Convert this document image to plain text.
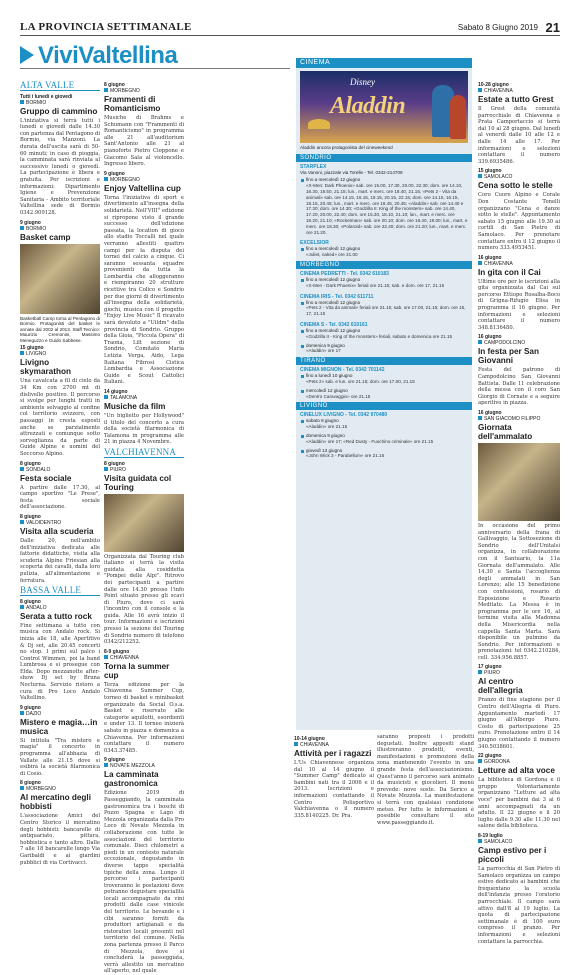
LA PROVINCIA SETTIMANALE	Sabato 8 Giugno 2019 21
ViviValtellina
ALTA VALLE
Tutti i lunedì e giovedì
BORMIO
Gruppo di cammino
L'iniziativa si terrà tutti i lunedì e giovedì dalle 14.30 con partenza dal Pentagono di Bormio, via Manzoni. La durata dell'uscita sarà di 50-60 minuti; in caso di pioggia, la camminata sarà rinviata al successivo lunedì o giovedì. La partecipazione è libera e gratuita. Per iscrizioni e informazioni: Dipartimento Igiene e Prevenzione Sanitaria - Ambito territoriale Valtellina sede di Bormio 0342.909128.
9 giugno
BORMIO
Basket camp
Basketball Camp torna al Pentagono di Bormio. Protagonisti del basket le annate dal 2002 al 2013. Staff Tecnico: Maurizio Cremonini, Massimo Meneguzzo e Guido Sabbese.
15 giugno
LIVIGNO
Livigno skymarathon
Una cavalcata a fil di cielo da 34 Km con 2700 mt di dislivello positivo. Il percorso si svolge per lunghi tratti in ambiente selvaggio al confine col territorio svizzero, con passaggi in cresta esposti anche se parzialmente attrezzati e comunque sotto sorveglianza da parte di Guide Alpine e uomini del Soccorso Alpino.
8 giugno
SONDALO
Festa sociale
A partire dalle 17.30, al campo sportivo "Le Prese", festa sociale dell'associazione.
8 giugno
VALDIDENTRO
Visita alla scuderia
Dalle 20, nell'ambito dell'iniziativa dedicata alle fattorie didattiche, visita alla scuderia Alpine Friesian alla scoperta dei cavalli, dalla loro pulizia, all'alimentazione e ferratura.
BASSA VALLE
8 giugno
ANDALO
Serata a tutto rock
Fine settimana a tutto con musica con Andalo rock. Si inizia alle 18, alle Apertitivo & Dj set, alle 20.45 concerti no stop. I primi sul palco i Control Wimmen, poi la band Lumbrosa e si prosegue con Elda. Dopo mezzanotte after-show Dj set by Bruna Nocturna. Servizio ristoro a cura di Pro Loco Andalo Valtellino.
9 giugno
DAZIO
Mistero e magia…in musica
Si intitola "Tra mistero e magia" il concerto in programma all'abbazia di Vallate alle 21.15 dove si esibirà la società filarmonica di Cosio.
8 giugno
MORBEGNO
Al mercatino degli hobbisti
L'associazione Amici del Centro Storico il mercatino degli hobbisti: bancarelle di antiquariato, pittura, hobbistica e tanto altro. Dalle 7 alle 18 bancarelle lungo Via Garibaldi e ai giardini pubblici di via Cortivacci.
8 giugno
MORBEGNO
Frammenti di Romanticismo
Musiche di Brahms e Schumann con "Frammenti di Romanticismo" in programma alle 21 all'auditorium Sant'Antonio alle 21 al pianoforte Pietro Cioppone e Giacomo Sala al violoncello. Ingresso libero.
9 giugno
MORBEGNO
Enjoy Valtellina cup
Torna l'iniziativa di sport e divertimento all'insegna della solidarietà. Nell'VIII° edizione si ripropone visto il grande successo dell'edizione passata, la location di gioco allo stadio Toccalli nel quale verranno allestiti quattro campi per la disputa dei tornei del calcio a cinque. Ci saranno sessanta squadre provenienti da tutta la Lombardia che alloggeranno e riempiranno 20 strutture ricettive tra Colico e Sondrio per due giorni di divertimento all'insegna della solidarietà, giochi, musica con il progetto "Enjoy Live Music" Il ricavato sarà devoluto a "Uildm" della provincia di Sondrio. Gruppo della Gioia, "Piccola Opera" di Traona, Lilt sezione di Sondrio, Comitato Maria Letizia Verga, Aido, Lega Italiana Fibrosi Cistica Lombardia e Associazione Guide e Scout Cattolici Italiani.
14 giugno
TALAMONA
Musiche da film
"Un biglietto per Hollywood" il titolo del concerto a cura della società filarmonica di Talamona in programma alle 21 in piazza 4 Novembre.
VALCHIAVENNA
8 giugno
PIURO
Visita guidata col Touring
Organizzata dal Touring club italiano si terrà la visita guidata alla cosiddetta "Pompei delle Alpi". Ritrovo dei partecipanti a partire dalle ore 14.30 presso l'info Point situato presso gli scavi di Piuro, dove ci sarà l'incontro con il console e la guida. Alle 16 avrà inizio il tour. Informazioni e iscrizioni presso la sezione del Touring di Sondrio numero di telefono 0342/212252.
8-9 giugno
CHIAVENNA
Torna la summer cup
Terza edizione per la Chiavenna Summer Cup, torneo di basket e minibasket organizzato da Social O.s.a. Basket e riservato alle categorie aquilotti, esordienti e under 13. Il torneo inizierà sabato in piazza e domenica a Chiavenna. Per informazioni contattare il numero 0343.37485.
9 giugno
NOVATE MEZZOLA
La camminata gastronomica
Edizione 2019 di Passeggiando, la camminata gastronomica tra i boschi di Pozzo Spagna e Lago di Mezzola organizzata dalla Pro Loco di Novate Mezzola in collaborazione con tutte le associazioni del territorio comunale. Dieci chilometri a piedi in un contesto naturale eccezionale, degustando in diverse tappe specialità tipiche della zona. Lungo il percorso i partecipanti troveranno le postazioni dove potranno degustare specialità locali accompagnate da vini prodotti dalle case vinicole del territorio. Le bevande e i cibi saranno forniti da produttori artigianali e da ristoratori locali presenti nel territorio del comune. Nella zona partenza presso il Parco di Mezzola, dove si concluderà la passeggiata, verrà allestito un mercatino all'aperto, nel quale
CINEMA
Disney
Aladdin
Aladdin ancora protagonista del cineweekend
SONDRIO
STARPLEX
Via Vanoni, piazzale via Torelle - Tel. 0342-214709
fino a mercoledì 12 giugno
«X-Men: Dark Phoenix» sab. ore 15.00, 17.30, 20.00, 22.30; dom. ore 14.10, 16.30, 18.50, 21.15; lun., mart. e merc. ore 18.40, 21.15; «Pets 2 - Vita da animali» sab. ore 14.15, 16.15, 18.15, 20.15, 22.15; dom. ore 14.15, 16.15, 18.15, 20.45; lun., mart. e merc. ore 18.45, 20.45; «Aladdin» sab. ore 14.40 e 17.30; dom. ore 14.30; «Godzilla II: King of the monsters» sab. ore 14.40, 17.20, 20.00, 22.40; dom. ore 15.30, 18.10, 21.10; lun., mart. e merc. ore 18.20, 21.10; «Rocketman» sab. ore 20.10; dom. ore 16.40, 19.00; lun., mart. e merc. ore 18.30; «Polaroid» sab. ore 22.40; dom. ore 21.20; lun., mart. e merc. ore 21.20.
EXCELSIOR
fino a mercoledì 12 giugno
«Juliet, naked» ore 21.00
MORBEGNO
CINEMA PEDRETTI - Tel. 0342 610183
fino a mercoledì 12 giugno
«X-Men - Dark Phoenix» feriali ore 21.15; sab. e dom. ore 17, 21.15
CINEMA IRIS - Tel. 0342 611711
fino a mercoledì 12 giugno
«Pets 2 - Vita da animali» feriali ore 21.15; sab. ore 17.00, 21.15; dom. ore 15, 17, 21.15
CINEMA S - Tel. 0342 610161
fino a mercoledì 12 giugno
«Godzilla II - King of the monsters» feriali, sabato e domenica ore 21.15
domenica 9 giugno
«Aladdin» ore 17
TIRANO
CINEMA MIGNON - Tel. 0342 701142
fino a lunedì 10 giugno
«Pets 2» sab. e lun. ore 21.15; dom. ore 17.00, 21.15
mercoledì 12 giugno
«Dentro Caravaggio» ore 21.15
LIVIGNO
CINELUX LIVIGNO - Tel. 0342 970480
sabato 8 giugno
«Aladdin» ore 21.15
domenica 9 giugno
«Aladdin» ore 17; «Red Dusty - Fuochino criminale» ore 21.15
giovedì 13 giugno
«John Wick 3 - Parabellum» ore 21.15
10-14 giugno
CHIAVENNA
Attività per i ragazzi
L'Us Chiavennese organizza dal 10 al 14 giugno il "Summer Camp" dedicato ai bambini nati tra il 2006 e il 2013. Iscrizioni e informazioni contattando il Centro Polisportivo Valchiavenna o il numero 335.8140225. Dr. Pra.
saranno proposti i prodotti degustati. Inoltre appositi stand illustreranno prodotti, eventi, manifestazioni e promozioni della zona mantenendo l'evento in una grande festa dell'associazionismo. Quest'anno il percorso sarà animato da musicisti e giocolieri. Il menù prevede: nove soste. Da Serico a Novate Mezzola. La manifestazione si terrà con qualsiasi condizione meteo. Per tutte le informazioni è possibile consultare il sito www.passeggiando.it.
10-28 giugno
CHIAVENNA
Estate a tutto Grest
Il Grest della comunità parrocchiale di Chiavenna e Prata Camportaccio si terrà dal 10 al 28 giugno. Dal lunedì al venerdì dalle 10 alle 12 e dalle 14 alle 17. Per informazioni e selezioni contattare il numero 339.6935486.
15 giugno
SAMOLACO
Cena sotto le stelle
Coro Cuore Alpino e Corale Don Costante Tonelli organizzano "Cena e danze sotto le stelle". Appuntamento sabato 15 giugno alle 19.30 ai cortili di San Pietro di Samolaco. Per prenotare contattare entro il 12 giugno il numero 333.4953451.
16 giugno
CHIAVENNA
In gita con il Cai
Ultime ore per le iscrizioni alla gita organizzata dal Cai sul percorso Ettiopo Rosalba-Boco di Grigna-Rifugio Elisa in programma il 16 giugno. Per informazioni e selezioni contattare il numero 348.8136480.
16 giugno
CAMPODOLCINO
In festa per San Giovanni
Festa del patrono di Campodolcino San Giovanni Battista. Dalle 11 celebrazione della messa con il coro San Giorgio di Cornate e a seguire aperitivo in piazza.
16 giugno
SAN GIACOMO FILIPPO
Giornata dell'ammalato
In occasione del primo anniversario della frana di Gallivaggio, la Sottosezione di Sondrio dell'Unitalsi organizza, in collaborazione con il Santuario, la 11a Giornata dell'ammalato. Alle 14.30 e Santa l'accoglienza degli ammalati in San Lorenzo; alle 15 benedizione con confessioni, rosario di Esposizione e Rosario Meditato. La Messa è in programma per le ore 16, al termine visita alla Madonna della Misericordia nella cappella Santa Marta. Sarà disponibile un pulmino da Sondrio. Per informazioni e prenotazioni: tel 0342.210284, cell. 334.956.8857.
17 giugno
PIURO
Al centro dell'allegria
Pranzo di fine stagione per il Centro dell'Allegria di Piuro. Appuntamento martedì 17 giugno all'Albergo Piuro. Costo di partecipazione 25 euro. Prenotazione entro il 14 giugno contattando il numero 340.5038601.
22 giugno
GORDONA
Letture ad alta voce
La biblioteca di Gordona e il gruppo Volontariamente organizzano "Letture ad alta voce" per bambini dai 3 ai 6 anni accompagnati da un adulto. Il 22 giugno e il 20 luglio dalle 9.30 alle 11.30 nel salone della biblioteca.
8-19 luglio
SAMOLACO
Camp estivo per i piccoli
La parrocchia di San Pietro di Samolaco organizza un campo estivo dedicato ai bambini che frequentano la scuola dell'infanzia presso l'oratorio parrocchiale. Il campo sarà attivo dall'8 al 19 luglio. La quota di partecipazione settimanale è di 100 euro compreso il pranzo. Per informazioni e selezioni contattare la parrocchia.
